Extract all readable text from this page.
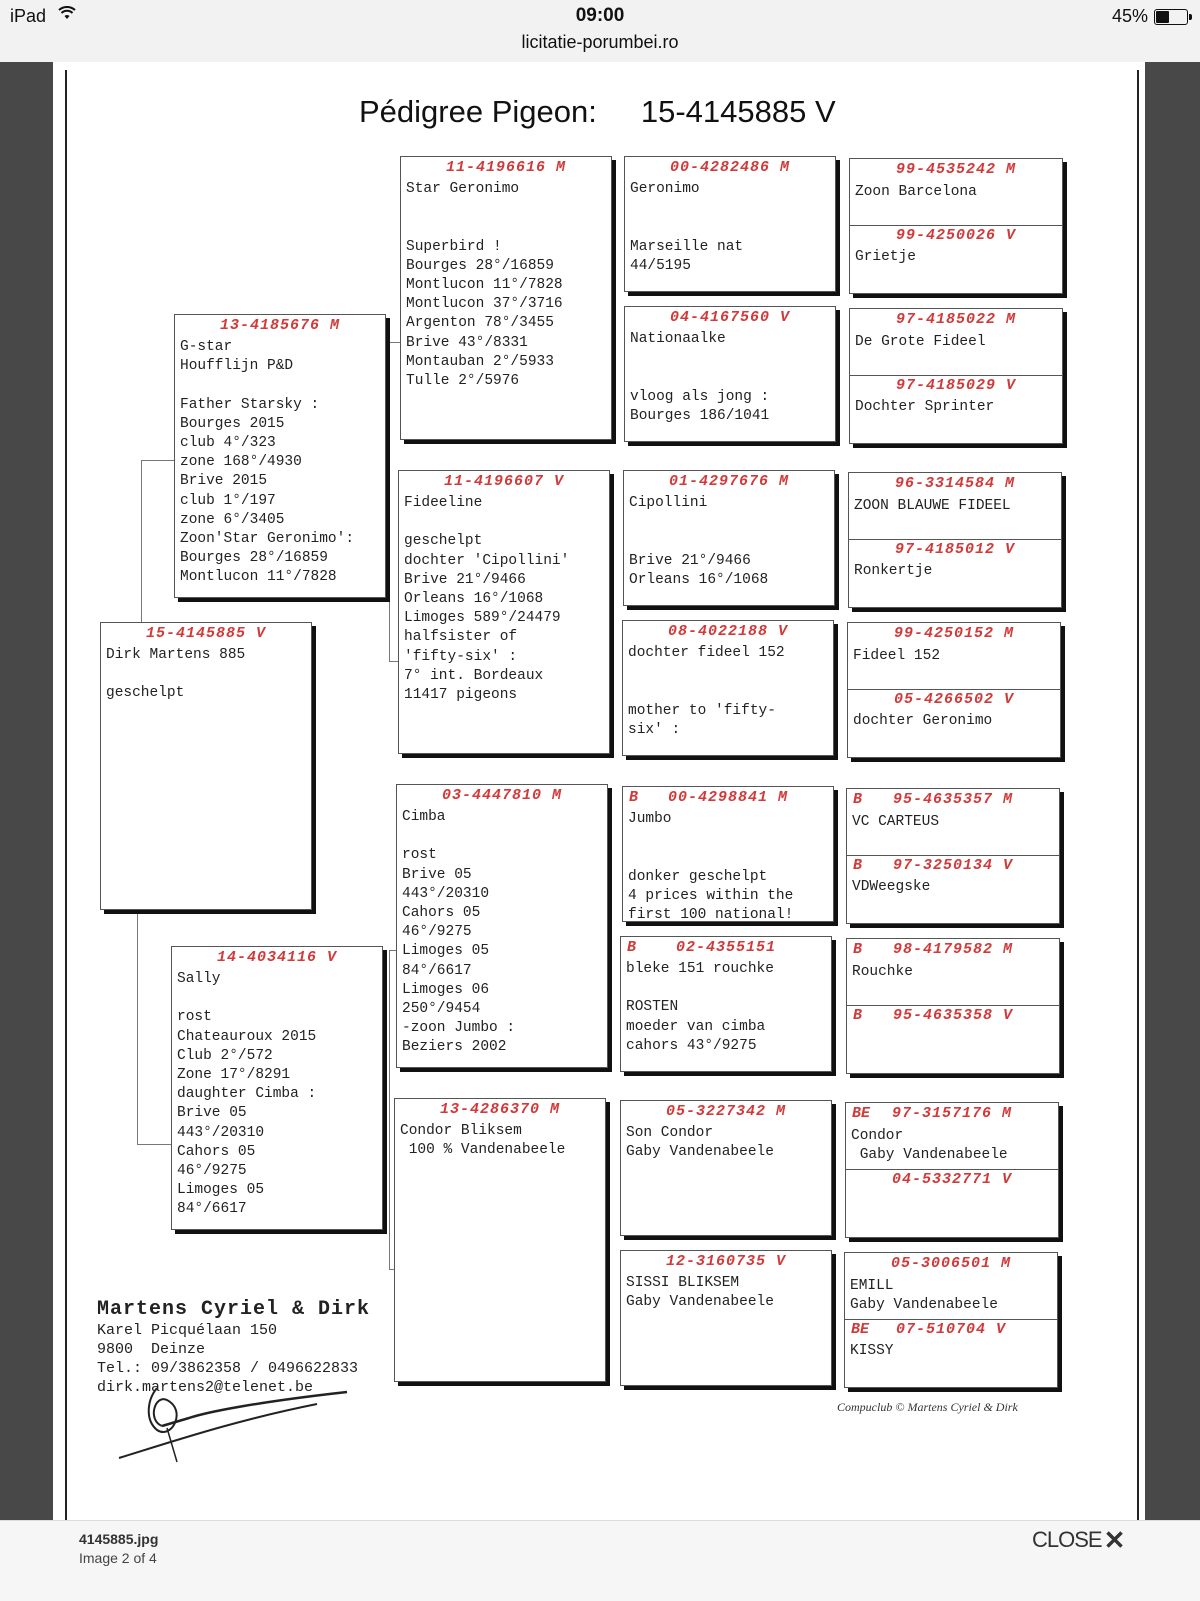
iPad	09:00
licitatie-porumbei.ro
45%
Pédigree Pigeon: 15-4145885 V
15-4145885 V
Dirk Martens 885

geschelpt
13-4185676 M
G-star
Houfflijn P&D

Father Starsky :
Bourges 2015
club 4°/323
zone 168°/4930
Brive 2015
club 1°/197
zone 6°/3405
Zoon'Star Geronimo':
Bourges 28°/16859
Montlucon 11°/7828
14-4034116 V
Sally

rost
Chateauroux 2015
Club 2°/572
Zone 17°/8291
daughter Cimba :
Brive 05
443°/20310
Cahors 05
46°/9275
Limoges 05
84°/6617
11-4196616 M
Star Geronimo

Superbird !
Bourges 28°/16859
Montlucon 11°/7828
Montlucon 37°/3716
Argenton 78°/3455
Brive 43°/8331
Montauban 2°/5933
Tulle 2°/5976
11-4196607 V
Fideeline

geschelpt
dochter 'Cipollini'
Brive 21°/9466
Orleans 16°/1068
Limoges 589°/24479
halfsister of
'fifty-six' :
7° int. Bordeaux
11417 pigeons
03-4447810 M
Cimba

rost
Brive 05
443°/20310
Cahors 05
46°/9275
Limoges 05
84°/6617
Limoges 06
250°/9454
-zoon Jumbo :
Beziers 2002
13-4286370 M
Condor Bliksem
100 % Vandenabeele
00-4282486 M
Geronimo

Marseille nat
44/5195
04-4167560 V
Nationaalke

vloog als jong :
Bourges 186/1041
01-4297676 M
Cipollini

Brive 21°/9466
Orleans 16°/1068
08-4022188 V
dochter fideel 152

mother to 'fifty-
six' :
B	00-4298841 M
Jumbo

donker geschelpt
4 prices within the
first 100 national!
B	02-4355151
bleke 151 rouchke

ROSTEN
moeder van cimba
cahors 43°/9275
05-3227342 M
Son Condor
Gaby Vandenabeele
12-3160735 V
SISSI BLIKSEM
Gaby Vandenabeele
99-4535242 M
Zoon Barcelona
99-4250026 V
Grietje
97-4185022 M
De Grote Fideel
97-4185029 V
Dochter Sprinter
96-3314584 M
ZOON BLAUWE FIDEEL
97-4185012 V
Ronkertje
99-4250152 M
Fideel 152
05-4266502 V
dochter Geronimo
B	95-4635357 M
VC CARTEUS
B	97-3250134 V
VDWeegske
B	98-4179582 M
Rouchke
B	95-4635358 V
BE	97-3157176 M
Condor
Gaby Vandenabeele
04-5332771 V
05-3006501 M
EMILL
Gaby Vandenabeele
BE	07-510704 V
KISSY
Martens Cyriel & Dirk
Karel Picquélaan 150
9800  Deinze
Tel.: 09/3862358 / 0496622833
dirk.martens2@telenet.be
Compuclub © Martens Cyriel & Dirk
4145885.jpg
Image 2 of 4
CLOSE✕
